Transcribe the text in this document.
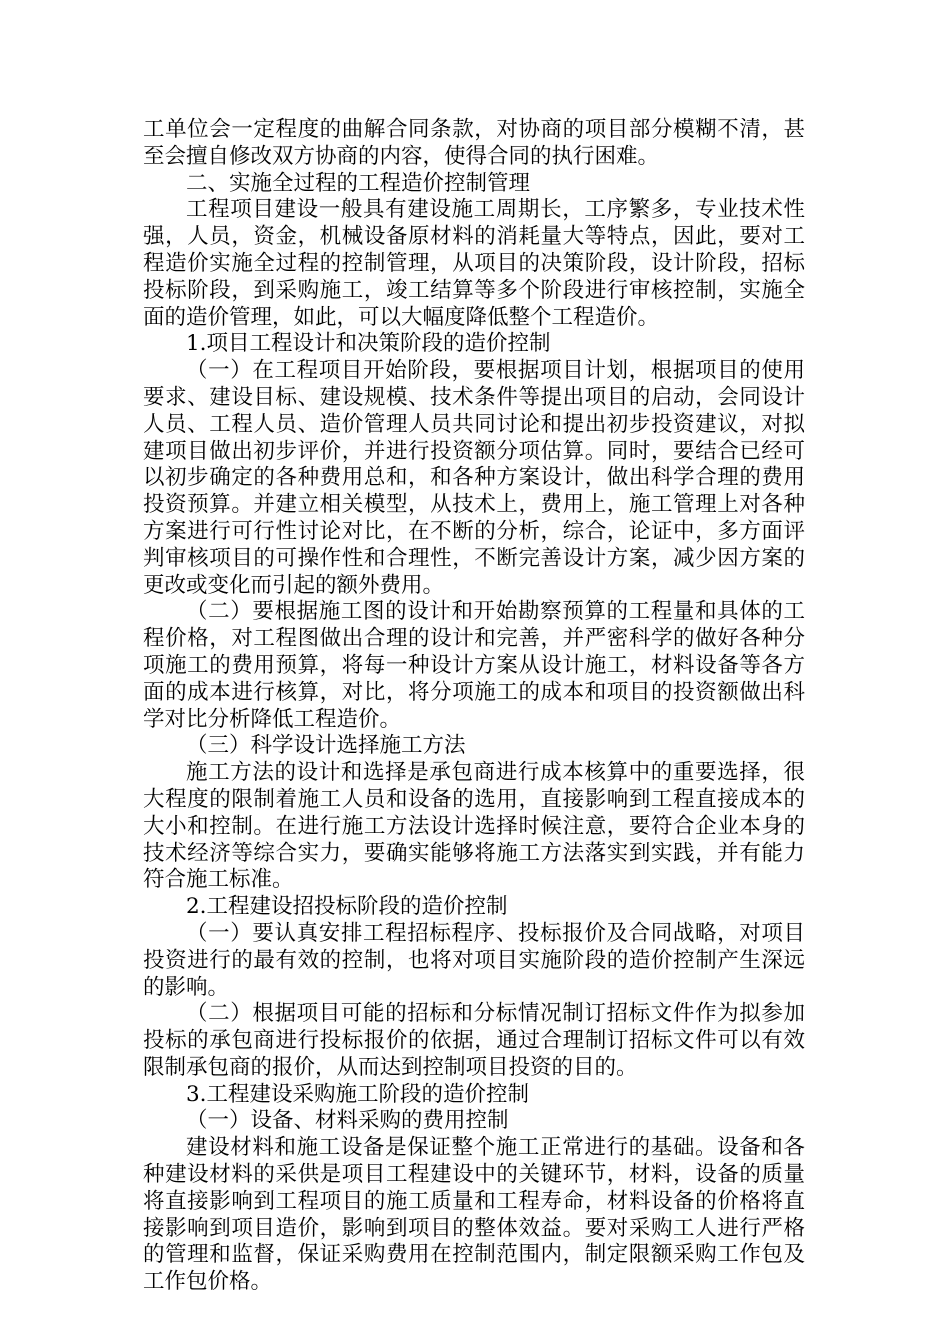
工单位会一定程度的曲解合同条款，对协商的项目部分模糊不清，甚至会擅自修改双方协商的内容，使得合同的执行困难。

二、实施全过程的工程造价控制管理

工程项目建设一般具有建设施工周期长，工序繁多，专业技术性强，人员，资金，机械设备原材料的消耗量大等特点，因此，要对工程造价实施全过程的控制管理，从项目的决策阶段，设计阶段，招标投标阶段，到采购施工，竣工结算等多个阶段进行审核控制，实施全面的造价管理，如此，可以大幅度降低整个工程造价。

1.项目工程设计和决策阶段的造价控制

（一）在工程项目开始阶段，要根据项目计划，根据项目的使用要求、建设目标、建设规模、技术条件等提出项目的启动，会同设计人员、工程人员、造价管理人员共同讨论和提出初步投资建议，对拟建项目做出初步评价，并进行投资额分项估算。同时，要结合已经可以初步确定的各种费用总和，和各种方案设计，做出科学合理的费用投资预算。并建立相关模型，从技术上，费用上，施工管理上对各种方案进行可行性讨论对比，在不断的分析，综合，论证中，多方面评判审核项目的可操作性和合理性，不断完善设计方案，减少因方案的更改或变化而引起的额外费用。

（二）要根据施工图的设计和开始勘察预算的工程量和具体的工程价格，对工程图做出合理的设计和完善，并严密科学的做好各种分项施工的费用预算，将每一种设计方案从设计施工，材料设备等各方面的成本进行核算，对比，将分项施工的成本和项目的投资额做出科学对比分析降低工程造价。

（三）科学设计选择施工方法

施工方法的设计和选择是承包商进行成本核算中的重要选择，很大程度的限制着施工人员和设备的选用，直接影响到工程直接成本的大小和控制。在进行施工方法设计选择时候注意，要符合企业本身的技术经济等综合实力，要确实能够将施工方法落实到实践，并有能力符合施工标准。

2.工程建设招投标阶段的造价控制

（一）要认真安排工程招标程序、投标报价及合同战略，对项目投资进行的最有效的控制，也将对项目实施阶段的造价控制产生深远的影响。

（二）根据项目可能的招标和分标情况制订招标文件作为拟参加投标的承包商进行投标报价的依据，通过合理制订招标文件可以有效限制承包商的报价，从而达到控制项目投资的目的。

3.工程建设采购施工阶段的造价控制

（一）设备、材料采购的费用控制

建设材料和施工设备是保证整个施工正常进行的基础。设备和各种建设材料的采供是项目工程建设中的关键环节，材料，设备的质量将直接影响到工程项目的施工质量和工程寿命，材料设备的价格将直接影响到项目造价，影响到项目的整体效益。要对采购工人进行严格的管理和监督，保证采购费用在控制范围内，制定限额采购工作包及工作包价格。
